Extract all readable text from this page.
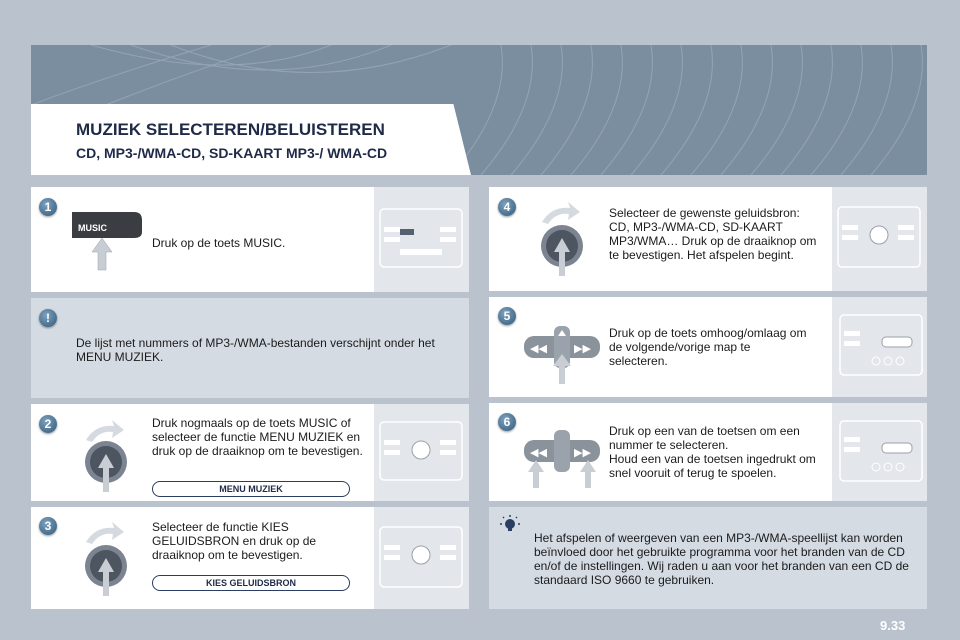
MUZIEK SELECTEREN/BELUISTEREN
CD, MP3-/WMA-CD, SD-KAART MP3-/ WMA-CD
1
MUSIC
Druk op de toets MUSIC.
!
De lijst met nummers of MP3-/WMA-bestanden verschijnt onder het MENU MUZIEK.
2	Druk nogmaals op de toets MUSIC of selecteer de functie MENU MUZIEK en druk op de draaiknop om te bevestigen.
MENU MUZIEK
3	Selecteer de functie KIES GELUIDSBRON en druk op de draaiknop om te bevestigen.
KIES GELUIDSBRON
4	Selecteer de gewenste geluidsbron: CD, MP3-/WMA-CD, SD-KAART MP3/WMA… Druk op de draaiknop om te bevestigen. Het afspelen begint.
5
◀◀ ▶▶
Druk op de toets omhoog/omlaag om de volgende/vorige map te selecteren.
6
◀◀ ▶▶
Druk op een van de toetsen om een nummer te selecteren.
Houd een van de toetsen ingedrukt om snel vooruit of terug te spoelen.
Het afspelen of weergeven van een MP3-/WMA-speellijst kan worden beïnvloed door het gebruikte programma voor het branden van de CD en/of de instellingen. Wij raden u aan voor het branden van een CD de standaard ISO 9660 te gebruiken.
9.33
